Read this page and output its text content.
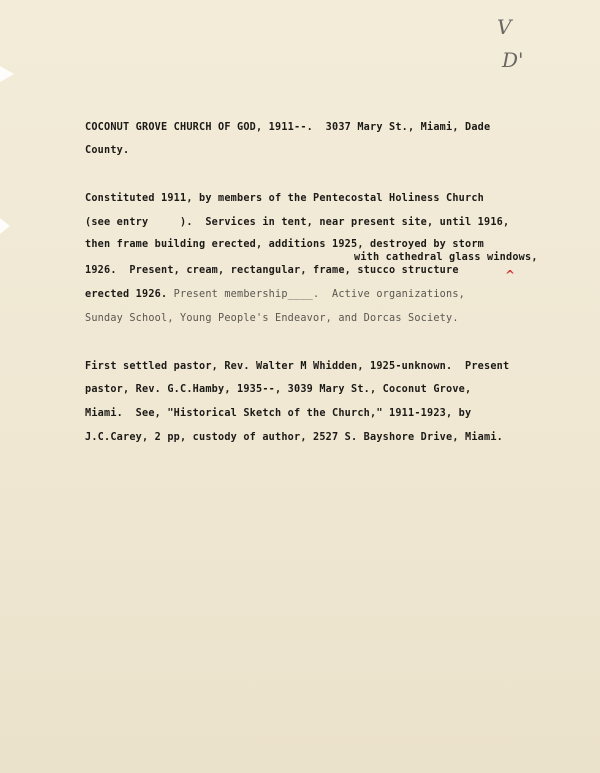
V
D'
COCONUT GROVE CHURCH OF GOD, 1911--.  3037 Mary St., Miami, Dade
County.
Constituted 1911, by members of the Pentecostal Holiness Church
(see entry     ).  Services in tent, near present site, until 1916,
then frame building erected, additions 1925, destroyed by storm
with cathedral glass windows,
1926.  Present, cream, rectangular, frame, stucco structure	^
erected 1926. Present membership____.  Active organizations,
Sunday School, Young People's Endeavor, and Dorcas Society.
First settled pastor, Rev. Walter M Whidden, 1925-unknown.  Present
pastor, Rev. G.C.Hamby, 1935--, 3039 Mary St., Coconut Grove,
Miami.  See, "Historical Sketch of the Church," 1911-1923, by
J.C.Carey, 2 pp, custody of author, 2527 S. Bayshore Drive, Miami.
